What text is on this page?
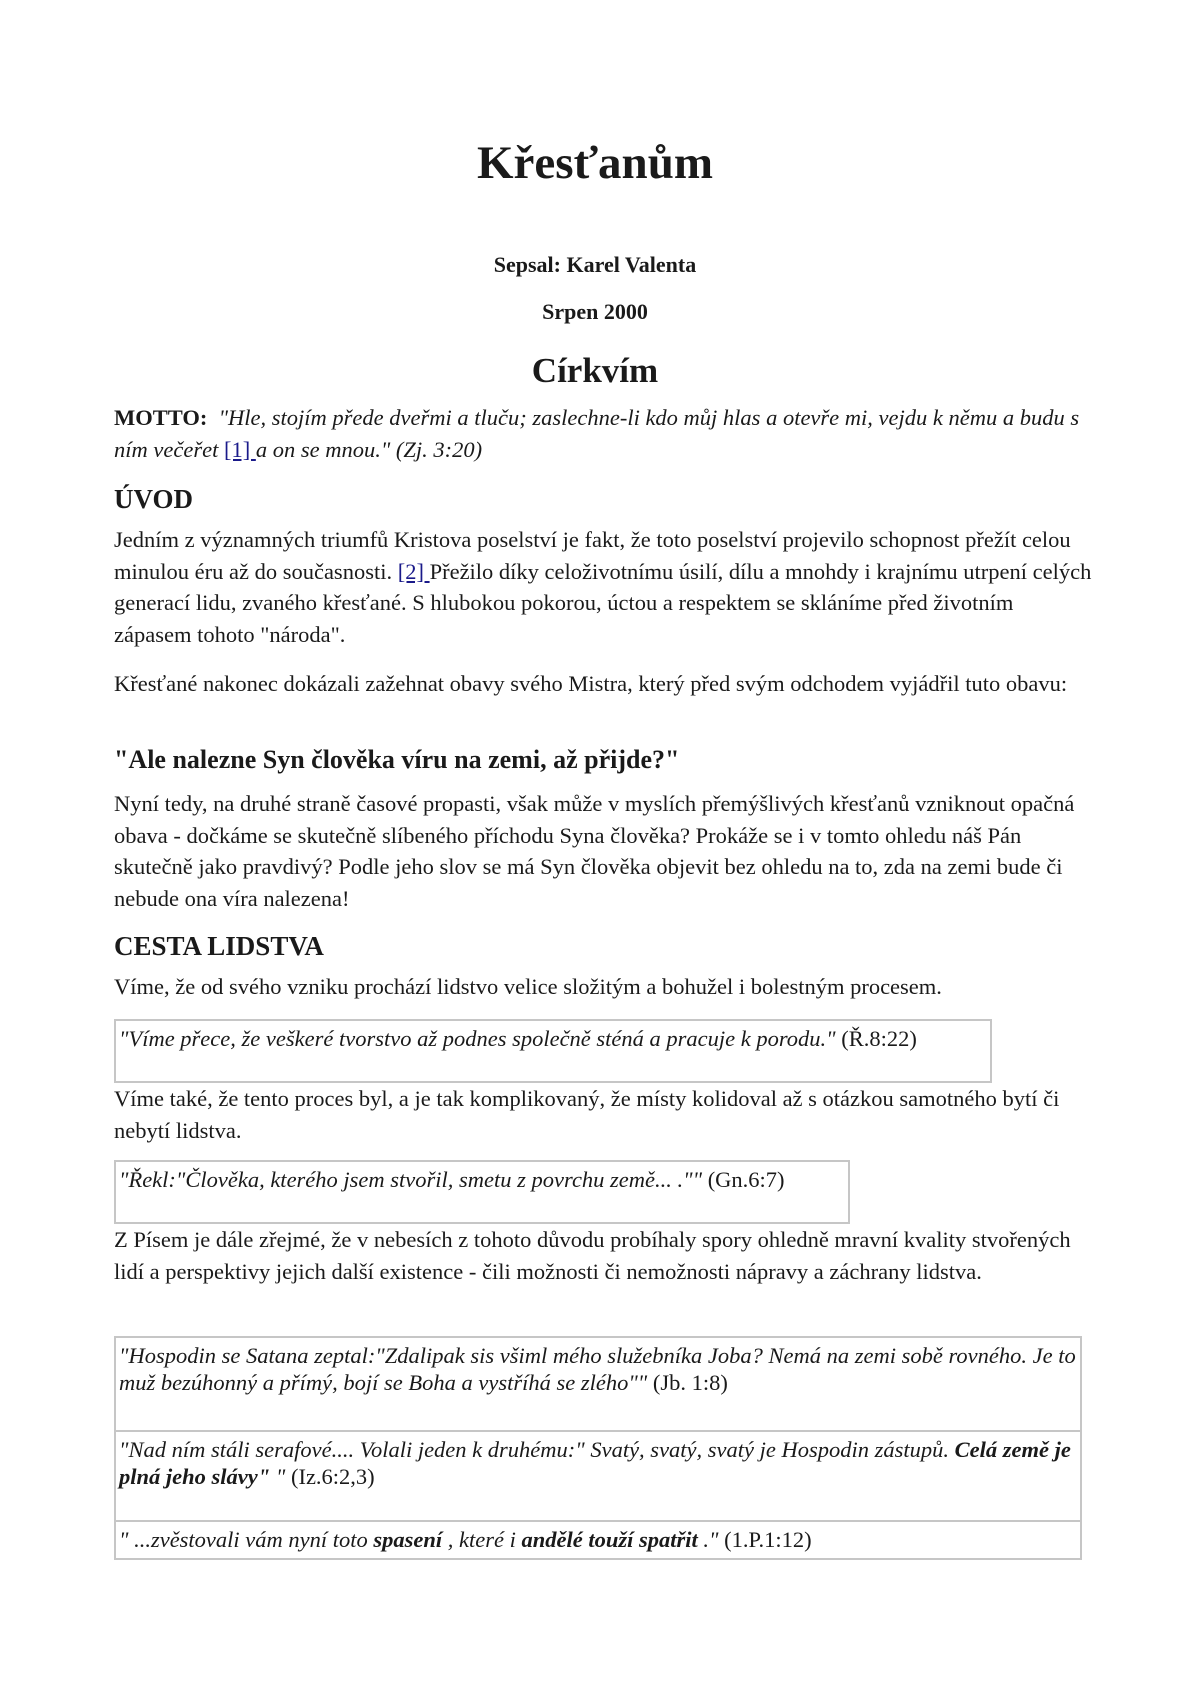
Křesťanům
Sepsal: Karel Valenta
Srpen 2000
Církvím

MOTTO: "Hle, stojím přede dveřmi a tluču; zaslechne-li kdo můj hlas a otevře mi, vejdu k němu a budu s ním večeřet [1] a on se mnou." (Zj. 3:20)

ÚVOD

Jedním z významných triumfů Kristova poselství je fakt, že toto poselství projevilo schopnost přežít celou minulou éru až do současnosti. [2] Přežilo díky celoživotnímu úsilí, dílu a mnohdy i krajnímu utrpení celých generací lidu, zvaného křesťané. S hlubokou pokorou, úctou a respektem se skláníme před životním zápasem tohoto "národa".

Křesťané nakonec dokázali zažehnat obavy svého Mistra, který před svým odchodem vyjádřil tuto obavu:

"Ale nalezne Syn člověka víru na zemi, až přijde?"

Nyní tedy, na druhé straně časové propasti, však může v myslích přemýšlivých křesťanů vzniknout opačná obava - dočkáme se skutečně slíbeného příchodu Syna člověka? Prokáže se i v tomto ohledu náš Pán skutečně jako pravdivý? Podle jeho slov se má Syn člověka objevit bez ohledu na to, zda na zemi bude či nebude ona víra nalezena!

CESTA LIDSTVA

Víme, že od svého vzniku prochází lidstvo velice složitým a bohužel i bolestným procesem.

"Víme přece, že veškeré tvorstvo až podnes společně sténá a pracuje k porodu." (Ř.8:22)

Víme také, že tento proces byl, a je tak komplikovaný, že místy kolidoval až s otázkou samotného bytí či nebytí lidstva.

"Řekl:"Člověka, kterého jsem stvořil, smetu z povrchu země... ."" (Gn.6:7)

Z Písem je dále zřejmé, že v nebesích z tohoto důvodu probíhaly spory ohledně mravní kvality stvořených lidí a perspektivy jejich další existence - čili možnosti či nemožnosti nápravy a záchrany lidstva.

"Hospodin se Satana zeptal:"Zdalipak sis všiml mého služebníka Joba? Nemá na zemi sobě rovného. Je to muž bezúhonný a přímý, bojí se Boha a vystříhá se zlého"" (Jb. 1:8)
"Nad ním stáli serafové.... Volali jeden k druhému:" Svatý, svatý, svatý je Hospodin zástupů. Celá země je plná jeho slávy" " (Iz.6:2,3)
" ...zvěstovali vám nyní toto spasení , které i andělé touží spatřit ." (1.P.1:12)
